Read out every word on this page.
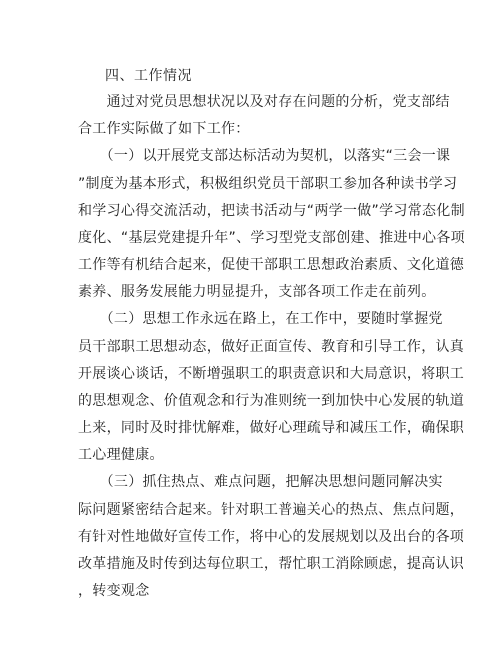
四、工作情况
　　通过对党员思想状况以及对存在问题的分析，党支部结
合工作实际做了如下工作：
　　（一）以开展党支部达标活动为契机，以落实“三会一课
”制度为基本形式，积极组织党员干部职工参加各种读书学习
和学习心得交流活动，把读书活动与“两学一做”学习常态化制
度化、“基层党建提升年”、学习型党支部创建、推进中心各项
工作等有机结合起来，促使干部职工思想政治素质、文化道德
素养、服务发展能力明显提升，支部各项工作走在前列。
　　（二）思想工作永远在路上，在工作中，要随时掌握党
员干部职工思想动态，做好正面宣传、教育和引导工作，认真
开展谈心谈话，不断增强职工的职责意识和大局意识，将职工
的思想观念、价值观念和行为准则统一到加快中心发展的轨道
上来，同时及时排忧解难，做好心理疏导和减压工作，确保职
工心理健康。
　　（三）抓住热点、难点问题，把解决思想问题同解决实
际问题紧密结合起来。针对职工普遍关心的热点、焦点问题，
有针对性地做好宣传工作，将中心的发展规划以及出台的各项
改革措施及时传到达每位职工，帮忙职工消除顾虑，提高认识
，转变观念
